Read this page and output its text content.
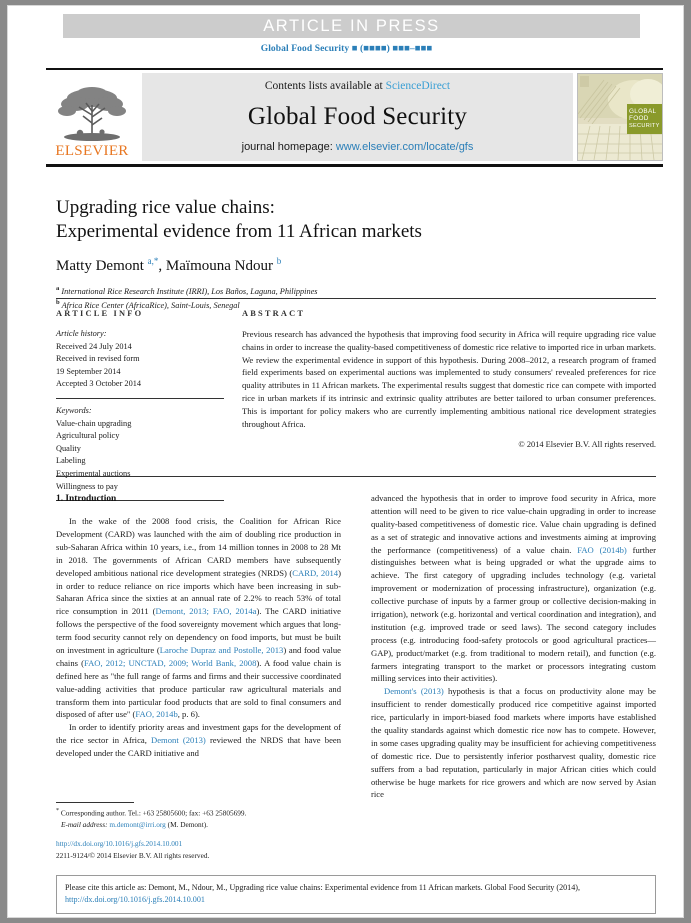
ARTICLE IN PRESS
Global Food Security ■ (■■■■) ■■■–■■■
ELSEVIER
Contents lists available at ScienceDirect
Global Food Security
journal homepage: www.elsevier.com/locate/gfs
GLOBAL
FOOD
SECURITY
Upgrading rice value chains:
Experimental evidence from 11 African markets
Matty Demont $^{a,*}$, Maïmouna Ndour $^b$
$^a$ International Rice Research Institute (IRRI), Los Baños, Laguna, Philippines
$^b$ Africa Rice Center (AfricaRice), Saint-Louis, Senegal
ARTICLE INFO	ABSTRACT
Article history:
Received 24 July 2014
Received in revised form
19 September 2014
Accepted 3 October 2014
Keywords:
Value-chain upgrading
Agricultural policy
Quality
Labeling
Experimental auctions
Willingness to pay
Previous research has advanced the hypothesis that improving food security in Africa will require upgrading rice value chains in order to increase the quality-based competitiveness of domestic rice relative to imported rice in urban markets. We review the experimental evidence in support of this hypothesis. During 2008–2012, a research program of framed field experiments based on experimental auctions was implemented to study consumers' revealed preferences for rice quality attributes in 11 African markets. The experimental results suggest that domestic rice can compete with imported rice in urban markets if its intrinsic and extrinsic quality attributes are better tailored to urban consumer preferences. This is important for policy makers who are currently implementing ambitious national rice development strategies throughout Africa.
© 2014 Elsevier B.V. All rights reserved.
1. Introduction

In the wake of the 2008 food crisis, the Coalition for African Rice Development (CARD) was launched with the aim of doubling rice production in sub-Saharan Africa within 10 years, i.e., from 14 million tonnes in 2008 to 28 Mt in 2018. The governments of African CARD members have subsequently developed ambitious national rice development strategies (NRDS) (CARD, 2014) in order to reduce reliance on rice imports which have been increasing in sub-Saharan Africa since the sixties at an annual rate of 2.2% to reach 53% of total rice consumption in 2011 (Demont, 2013; FAO, 2014a). The CARD initiative follows the perspective of the food sovereignty movement which argues that long-term food security cannot rely on dependency on food imports, but must be built on investment in agriculture (Laroche Dupraz and Postolle, 2013) and food value chains (FAO, 2012; UNCTAD, 2009; World Bank, 2008). A food value chain is defined here as "the full range of farms and firms and their successive coordinated value-adding activities that produce particular raw agricultural materials and transform them into particular food products that are sold to final consumers and disposed of after use" (FAO, 2014b, p. 6).

In order to identify priority areas and investment gaps for the development of the rice sector in Africa, Demont (2013) reviewed the NRDS that have been developed under the CARD initiative and

advanced the hypothesis that in order to improve food security in Africa, more attention will need to be given to rice value-chain upgrading in order to increase quality-based competitiveness of domestic rice. Value chain upgrading is defined as a set of strategic and innovative actions and investments aiming at improving the performance (competitiveness) of a value chain. FAO (2014b) further distinguishes between what is being upgraded or what the upgrade aims to achieve. The first category of upgrading includes technology (e.g. varietal improvement or modernization of processing infrastructure), organization (e.g. collective purchase of inputs by a farmer group or collective decision-making in irrigation), network (e.g. horizontal and vertical coordination and integration), and institution (e.g. improved trade or seed laws). The second category includes process (e.g. introducing food-safety protocols or good agricultural practices—GAP), product/market (e.g. from traditional to modern retail), and function (e.g. farmers integrating transport to the market or processors integrating custom milling services into their activities).

Demont's (2013) hypothesis is that a focus on productivity alone may be insufficient to render domestically produced rice competitive against imported rice, particularly in import-biased food markets where imports have established the quality standards against which domestic rice now has to compete. However, in some cases upgrading quality may be insufficient for achieving competitiveness of domestic rice. Due to persistently inferior postharvest quality, domestic rice suffers from a bad reputation, particularly in major African cities which could otherwise be huge markets for rice growers and which are now served by Asian rice

* Corresponding author. Tel.: +63 25805600; fax: +63 25805699.
E-mail address: m.demont@irri.org (M. Demont).
http://dx.doi.org/10.1016/j.gfs.2014.10.001
2211-9124/© 2014 Elsevier B.V. All rights reserved.
Please cite this article as: Demont, M., Ndour, M., Upgrading rice value chains: Experimental evidence from 11 African markets. Global Food Security (2014), http://dx.doi.org/10.1016/j.gfs.2014.10.001
